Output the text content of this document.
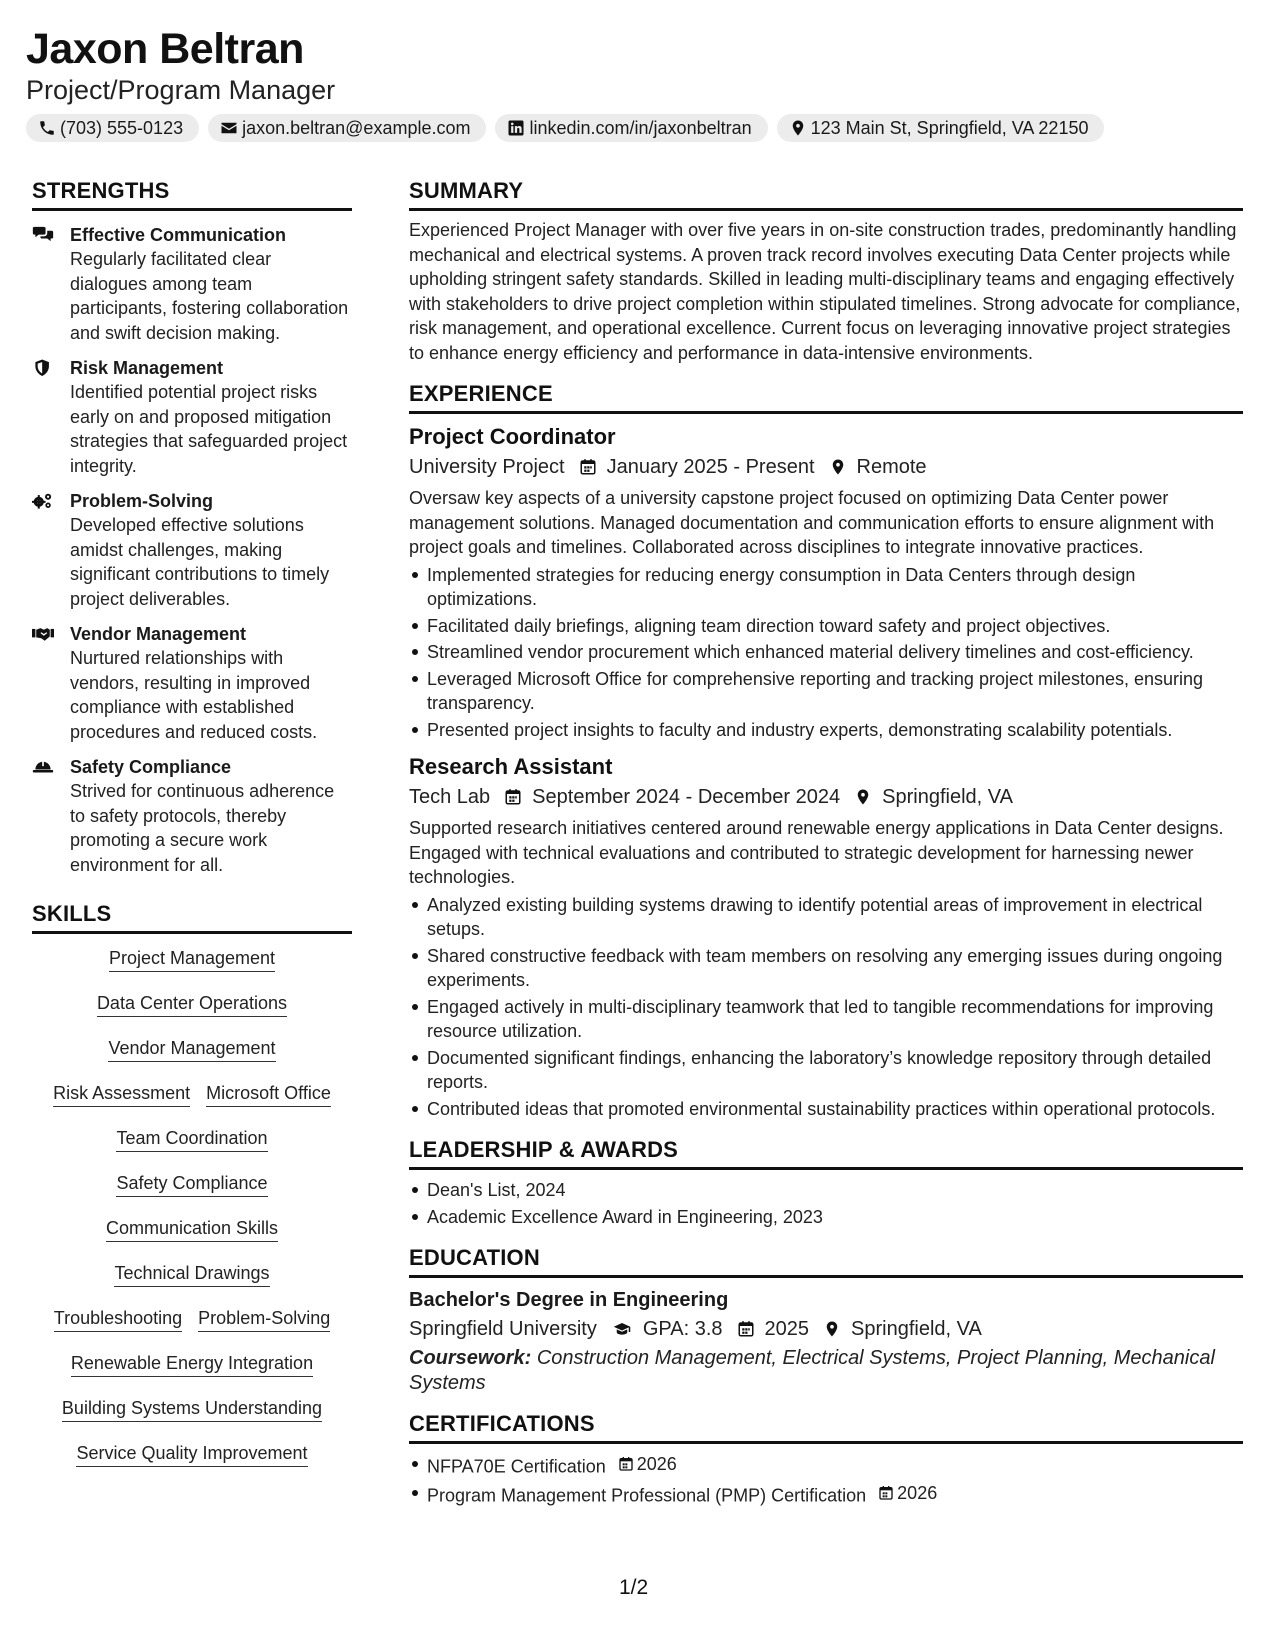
Jaxon Beltran
Project/Program Manager
(703) 555-0123	jaxon.beltran@example.com	linkedin.com/in/jaxonbeltran	123 Main St, Springfield, VA 22150
STRENGTHS
Effective Communication
Regularly facilitated clear dialogues among team participants, fostering collaboration and swift decision making.
Risk Management
Identified potential project risks early on and proposed mitigation strategies that safeguarded project integrity.
Problem-Solving
Developed effective solutions amidst challenges, making significant contributions to timely project deliverables.
Vendor Management
Nurtured relationships with vendors, resulting in improved compliance with established procedures and reduced costs.
Safety Compliance
Strived for continuous adherence to safety protocols, thereby promoting a secure work environment for all.
SKILLS
Project Management
Data Center Operations
Vendor Management
Risk Assessment Microsoft Office
Team Coordination
Safety Compliance
Communication Skills
Technical Drawings
Troubleshooting Problem-Solving
Renewable Energy Integration
Building Systems Understanding
Service Quality Improvement
SUMMARY
Experienced Project Manager with over five years in on-site construction trades, predominantly handling mechanical and electrical systems. A proven track record involves executing Data Center projects while upholding stringent safety standards. Skilled in leading multi-disciplinary teams and engaging effectively with stakeholders to drive project completion within stipulated timelines. Strong advocate for compliance, risk management, and operational excellence. Current focus on leveraging innovative project strategies to enhance energy efficiency and performance in data-intensive environments.
EXPERIENCE
Project Coordinator
University Project January 2025 - Present Remote
Oversaw key aspects of a university capstone project focused on optimizing Data Center power management solutions. Managed documentation and communication efforts to ensure alignment with project goals and timelines. Collaborated across disciplines to integrate innovative practices.
Implemented strategies for reducing energy consumption in Data Centers through design optimizations.
Facilitated daily briefings, aligning team direction toward safety and project objectives.
Streamlined vendor procurement which enhanced material delivery timelines and cost-efficiency.
Leveraged Microsoft Office for comprehensive reporting and tracking project milestones, ensuring transparency.
Presented project insights to faculty and industry experts, demonstrating scalability potentials.
Research Assistant
Tech Lab September 2024 - December 2024 Springfield, VA
Supported research initiatives centered around renewable energy applications in Data Center designs. Engaged with technical evaluations and contributed to strategic development for harnessing newer technologies.
Analyzed existing building systems drawing to identify potential areas of improvement in electrical setups.
Shared constructive feedback with team members on resolving any emerging issues during ongoing experiments.
Engaged actively in multi-disciplinary teamwork that led to tangible recommendations for improving resource utilization.
Documented significant findings, enhancing the laboratory’s knowledge repository through detailed reports.
Contributed ideas that promoted environmental sustainability practices within operational protocols.
LEADERSHIP & AWARDS
Dean's List, 2024
Academic Excellence Award in Engineering, 2023
EDUCATION
Bachelor's Degree in Engineering
Springfield University GPA: 3.8 2025 Springfield, VA
Coursework: Construction Management, Electrical Systems, Project Planning, Mechanical Systems
CERTIFICATIONS
NFPA70E Certification 2026
Program Management Professional (PMP) Certification 2026
1/2
